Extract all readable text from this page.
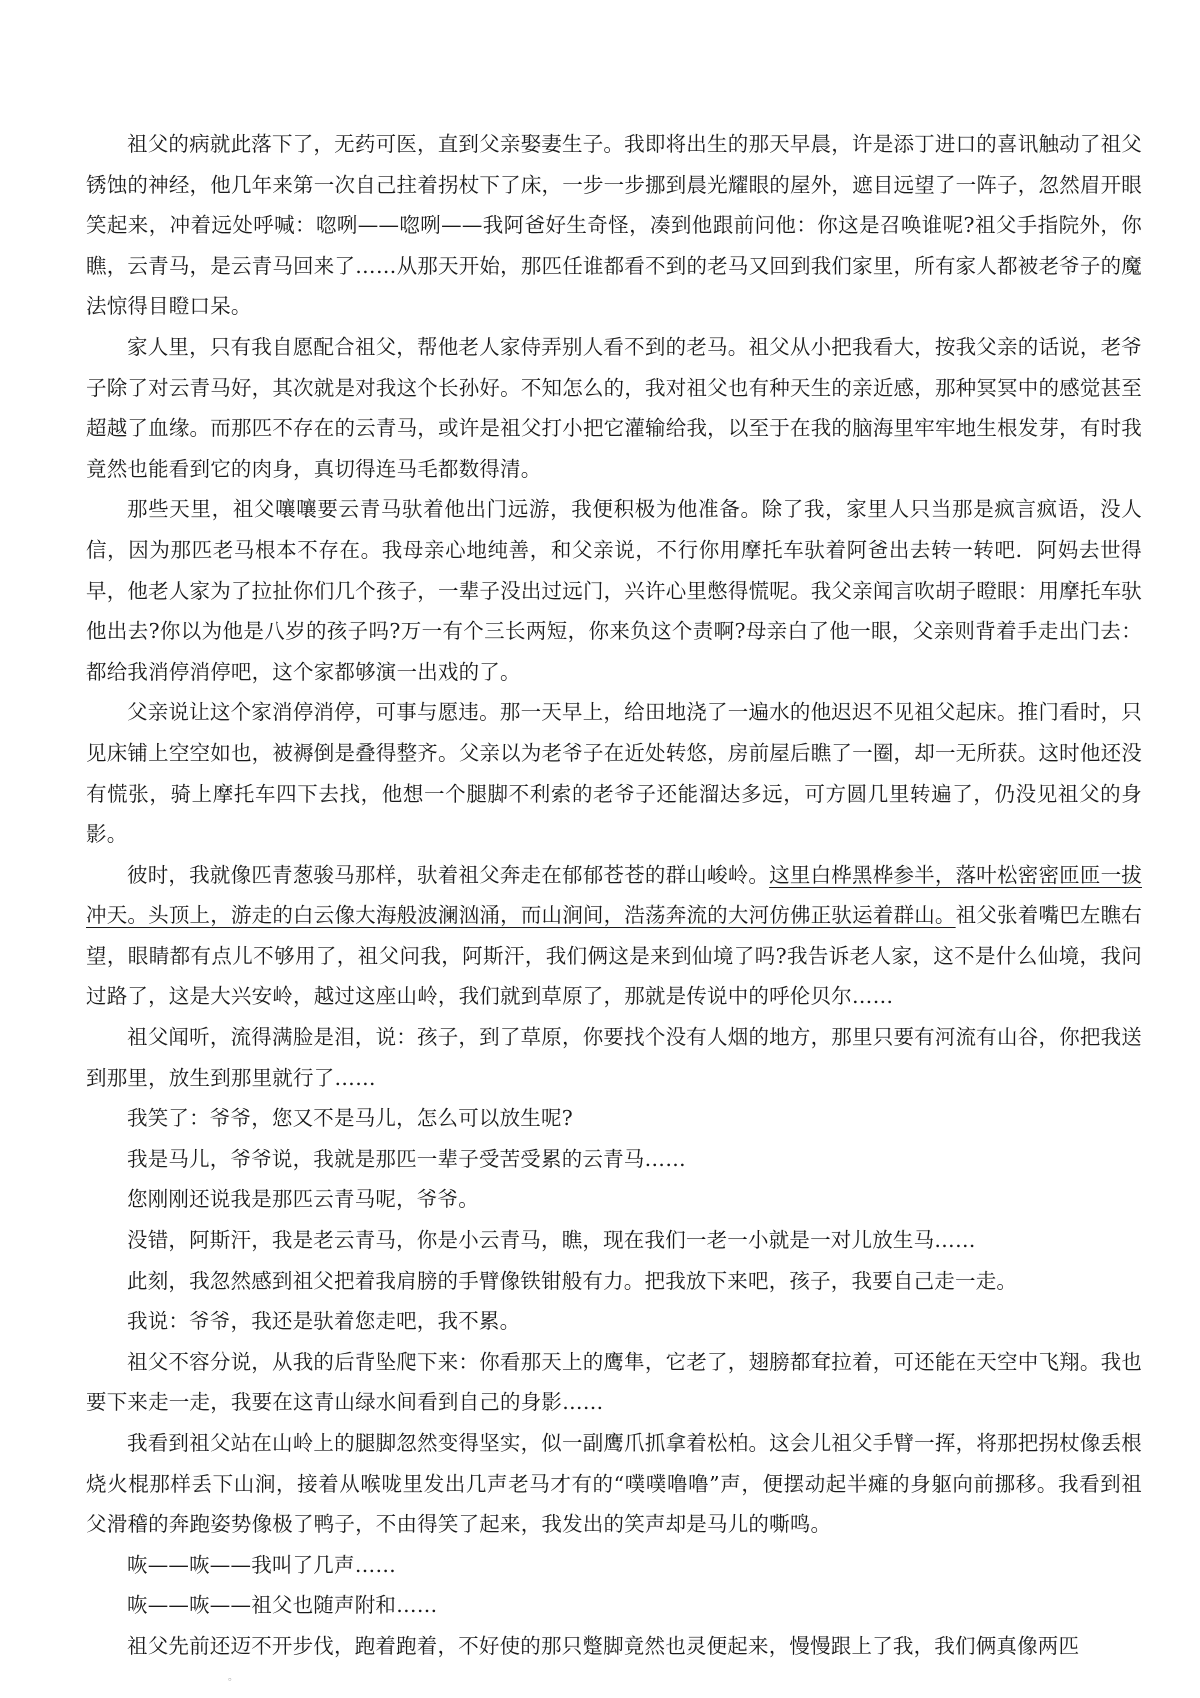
祖父的病就此落下了，无药可医，直到父亲娶妻生子。我即将出生的那天早晨，许是添丁进口的喜讯触动了祖父锈蚀的神经，他几年来第一次自己拄着拐杖下了床，一步一步挪到晨光耀眼的屋外，遮目远望了一阵子，忽然眉开眼笑起来，冲着远处呼喊：唿咧——唿咧——我阿爸好生奇怪，凑到他跟前问他：你这是召唤谁呢?祖父手指院外，你瞧，云青马，是云青马回来了……从那天开始，那匹任谁都看不到的老马又回到我们家里，所有家人都被老爷子的魔法惊得目瞪口呆。

家人里，只有我自愿配合祖父，帮他老人家侍弄别人看不到的老马。祖父从小把我看大，按我父亲的话说，老爷子除了对云青马好，其次就是对我这个长孙好。不知怎么的，我对祖父也有种天生的亲近感，那种冥冥中的感觉甚至超越了血缘。而那匹不存在的云青马，或许是祖父打小把它灌输给我，以至于在我的脑海里牢牢地生根发芽，有时我竟然也能看到它的肉身，真切得连马毛都数得清。

那些天里，祖父嚷嚷要云青马驮着他出门远游，我便积极为他准备。除了我，家里人只当那是疯言疯语，没人信，因为那匹老马根本不存在。我母亲心地纯善，和父亲说，不行你用摩托车驮着阿爸出去转一转吧．阿妈去世得早，他老人家为了拉扯你们几个孩子，一辈子没出过远门，兴许心里憋得慌呢。我父亲闻言吹胡子瞪眼：用摩托车驮他出去?你以为他是八岁的孩子吗?万一有个三长两短，你来负这个责啊?母亲白了他一眼，父亲则背着手走出门去：都给我消停消停吧，这个家都够演一出戏的了。

父亲说让这个家消停消停，可事与愿违。那一天早上，给田地浇了一遍水的他迟迟不见祖父起床。推门看时，只见床铺上空空如也，被褥倒是叠得整齐。父亲以为老爷子在近处转悠，房前屋后瞧了一圈，却一无所获。这时他还没有慌张，骑上摩托车四下去找，他想一个腿脚不利索的老爷子还能溜达多远，可方圆几里转遍了，仍没见祖父的身影。

彼时，我就像匹青葱骏马那样，驮着祖父奔走在郁郁苍苍的群山峻岭。这里白桦黑桦参半，落叶松密密匝匝一拔冲天。头顶上，游走的白云像大海般波澜汹涌，而山涧间，浩荡奔流的大河仿佛正驮运着群山。祖父张着嘴巴左瞧右望，眼睛都有点儿不够用了，祖父问我，阿斯汗，我们俩这是来到仙境了吗?我告诉老人家，这不是什么仙境，我问过路了，这是大兴安岭，越过这座山岭，我们就到草原了，那就是传说中的呼伦贝尔……

祖父闻听，流得满脸是泪，说：孩子，到了草原，你要找个没有人烟的地方，那里只要有河流有山谷，你把我送到那里，放生到那里就行了……

我笑了：爷爷，您又不是马儿，怎么可以放生呢?

我是马儿，爷爷说，我就是那匹一辈子受苦受累的云青马……

您刚刚还说我是那匹云青马呢，爷爷。

没错，阿斯汗，我是老云青马，你是小云青马，瞧，现在我们一老一小就是一对儿放生马……

此刻，我忽然感到祖父把着我肩膀的手臂像铁钳般有力。把我放下来吧，孩子，我要自己走一走。

我说：爷爷，我还是驮着您走吧，我不累。

祖父不容分说，从我的后背坠爬下来：你看那天上的鹰隼，它老了，翅膀都耷拉着，可还能在天空中飞翔。我也要下来走一走，我要在这青山绿水间看到自己的身影……

我看到祖父站在山岭上的腿脚忽然变得坚实，似一副鹰爪抓拿着松柏。这会儿祖父手臂一挥，将那把拐杖像丢根烧火棍那样丢下山涧，接着从喉咙里发出几声老马才有的“噗噗噜噜”声，便摆动起半瘫的身躯向前挪移。我看到祖父滑稽的奔跑姿势像极了鸭子，不由得笑了起来，我发出的笑声却是马儿的嘶鸣。

咴——咴——我叫了几声……

咴——咴——祖父也随声附和……

祖父先前还迈不开步伐，跑着跑着，不好使的那只蹩脚竟然也灵便起来，慢慢跟上了我，我们俩真像两匹

。
